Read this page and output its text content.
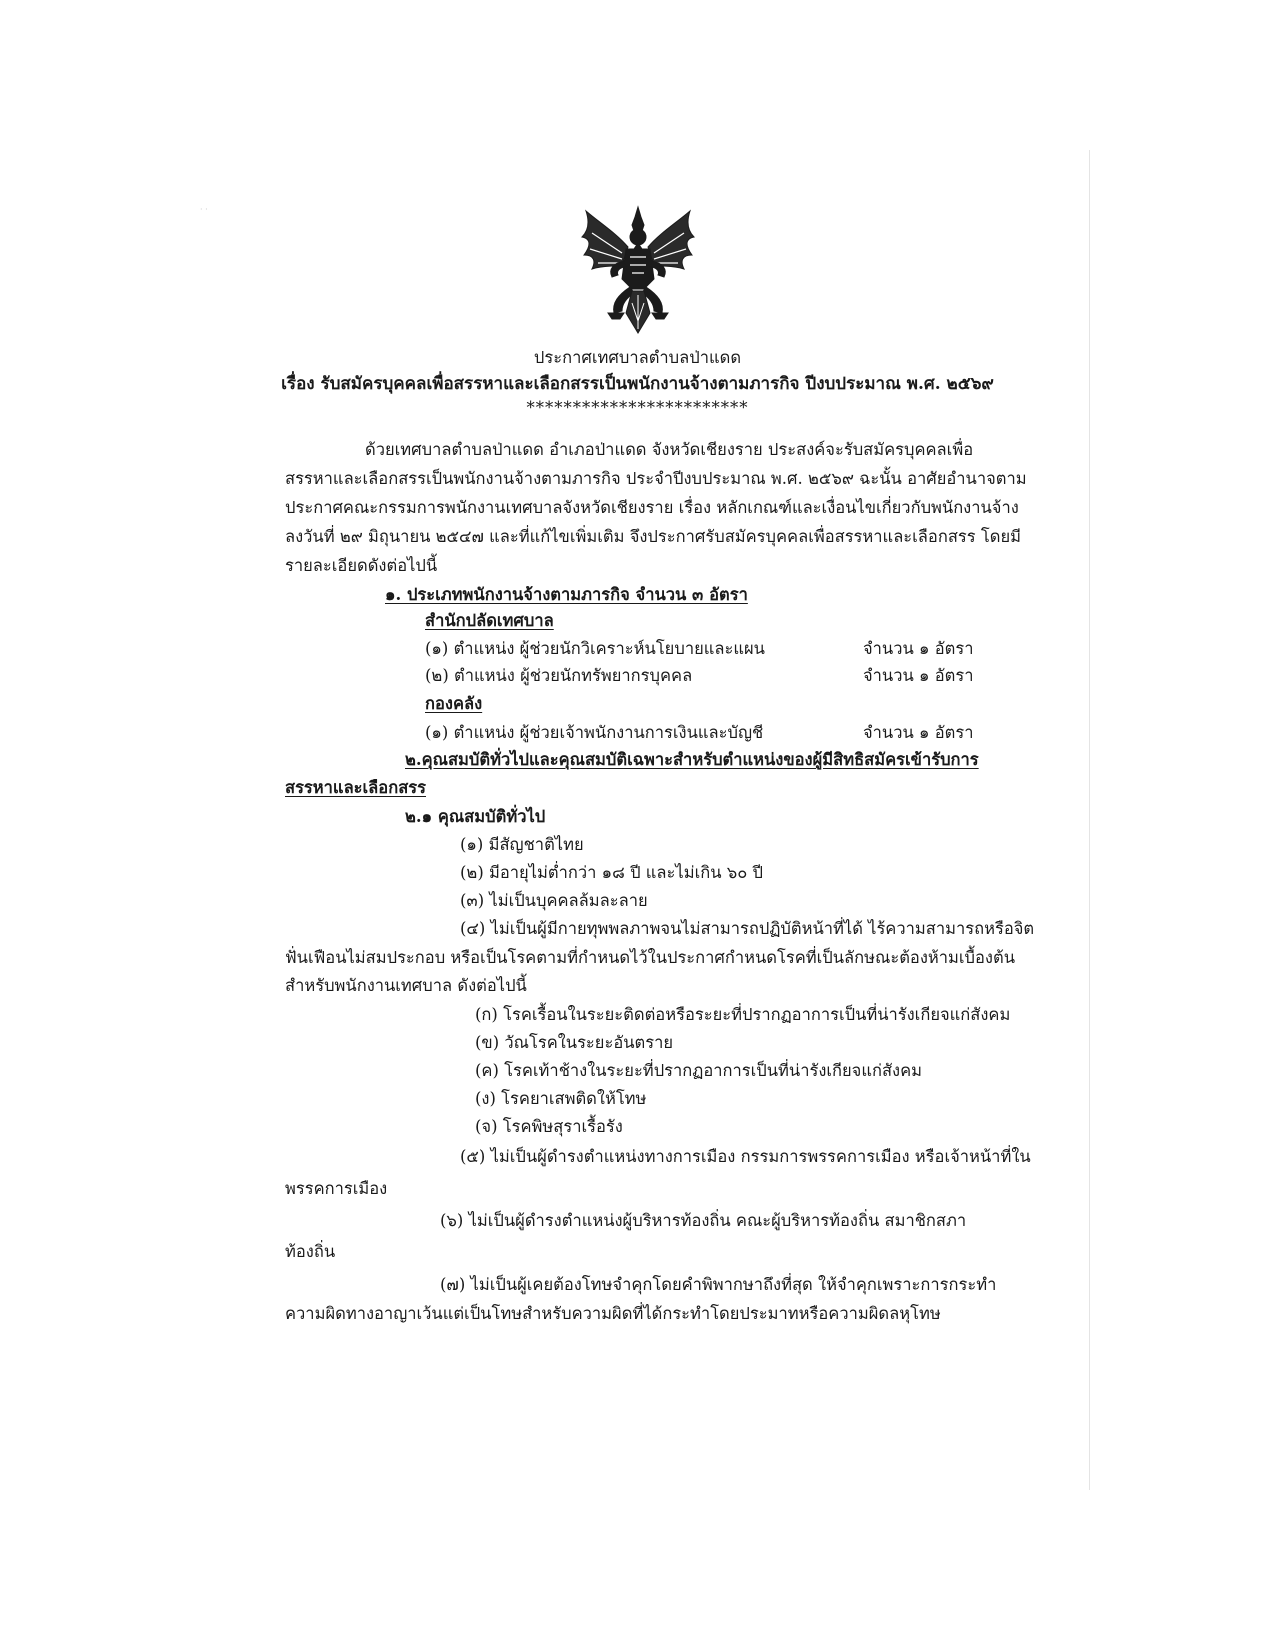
· ·
ประกาศเทศบาลตำบลป่าแดด
เรื่อง รับสมัครบุคคลเพื่อสรรหาและเลือกสรรเป็นพนักงานจ้างตามภารกิจ ปีงบประมาณ พ.ศ. ๒๕๖๙
************************
ด้วยเทศบาลตำบลป่าแดด อำเภอป่าแดด จังหวัดเชียงราย ประสงค์จะรับสมัครบุคคลเพื่อ
สรรหาและเลือกสรรเป็นพนักงานจ้างตามภารกิจ ประจำปีงบประมาณ พ.ศ. ๒๕๖๙ ฉะนั้น อาศัยอำนาจตาม
ประกาศคณะกรรมการพนักงานเทศบาลจังหวัดเชียงราย เรื่อง หลักเกณฑ์และเงื่อนไขเกี่ยวกับพนักงานจ้าง
ลงวันที่ ๒๙ มิถุนายน ๒๕๔๗ และที่แก้ไขเพิ่มเติม จึงประกาศรับสมัครบุคคลเพื่อสรรหาและเลือกสรร โดยมี
รายละเอียดดังต่อไปนี้
๑. ประเภทพนักงานจ้างตามภารกิจ จำนวน ๓ อัตรา
สำนักปลัดเทศบาล
(๑) ตำแหน่ง ผู้ช่วยนักวิเคราะห์นโยบายและแผน	จำนวน ๑ อัตรา
(๒) ตำแหน่ง ผู้ช่วยนักทรัพยากรบุคคล	จำนวน ๑ อัตรา
กองคลัง
(๑) ตำแหน่ง ผู้ช่วยเจ้าพนักงานการเงินและบัญชี	จำนวน ๑ อัตรา
๒.คุณสมบัติทั่วไปและคุณสมบัติเฉพาะสำหรับตำแหน่งของผู้มีสิทธิสมัครเข้ารับการ
สรรหาและเลือกสรร
๒.๑ คุณสมบัติทั่วไป
(๑) มีสัญชาติไทย
(๒) มีอายุไม่ต่ำกว่า ๑๘ ปี และไม่เกิน ๖๐ ปี
(๓) ไม่เป็นบุคคลล้มละลาย
(๔) ไม่เป็นผู้มีกายทุพพลภาพจนไม่สามารถปฏิบัติหน้าที่ได้ ไร้ความสามารถหรือจิต
ฟั่นเฟือนไม่สมประกอบ หรือเป็นโรคตามที่กำหนดไว้ในประกาศกำหนดโรคที่เป็นลักษณะต้องห้ามเบื้องต้น
สำหรับพนักงานเทศบาล ดังต่อไปนี้
(ก) โรคเรื้อนในระยะติดต่อหรือระยะที่ปรากฏอาการเป็นที่น่ารังเกียจแก่สังคม
(ข) วัณโรคในระยะอันตราย
(ค) โรคเท้าช้างในระยะที่ปรากฏอาการเป็นที่น่ารังเกียจแก่สังคม
(ง) โรคยาเสพติดให้โทษ
(จ) โรคพิษสุราเรื้อรัง
(๕) ไม่เป็นผู้ดำรงตำแหน่งทางการเมือง กรรมการพรรคการเมือง หรือเจ้าหน้าที่ใน
พรรคการเมือง
(๖) ไม่เป็นผู้ดำรงตำแหน่งผู้บริหารท้องถิ่น คณะผู้บริหารท้องถิ่น สมาชิกสภา
ท้องถิ่น
(๗) ไม่เป็นผู้เคยต้องโทษจำคุกโดยคำพิพากษาถึงที่สุด ให้จำคุกเพราะการกระทำ
ความผิดทางอาญาเว้นแต่เป็นโทษสำหรับความผิดที่ได้กระทำโดยประมาทหรือความผิดลหุโทษ
